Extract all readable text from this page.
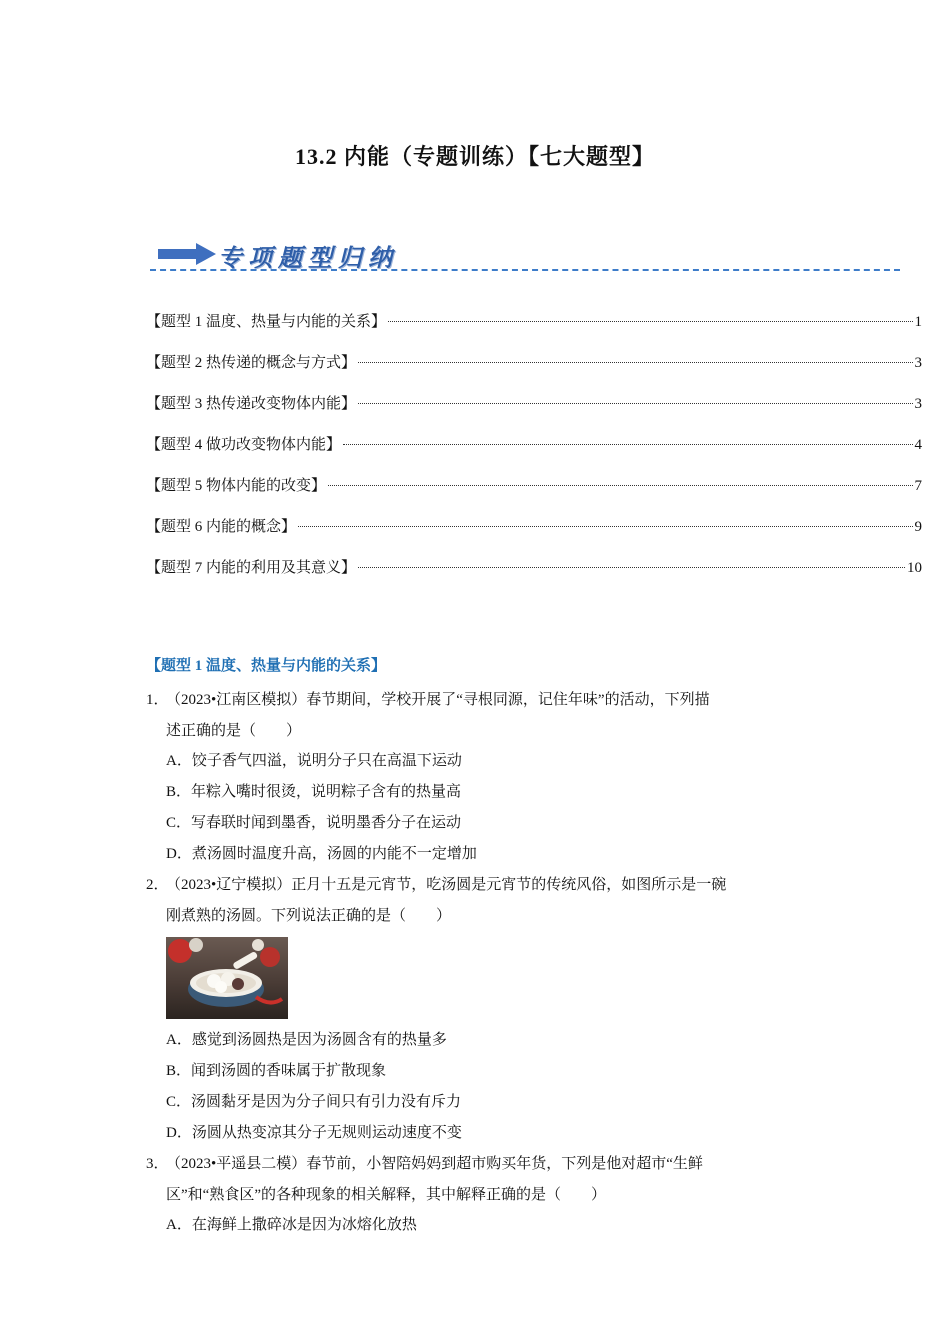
13.2 内能（专题训练）【七大题型】
专项题型归纳
【题型 1 温度、热量与内能的关系】	1
【题型 2 热传递的概念与方式】	3
【题型 3 热传递改变物体内能】	3
【题型 4 做功改变物体内能】	4
【题型 5 物体内能的改变】	7
【题型 6 内能的概念】	9
【题型 7 内能的利用及其意义】	10
【题型 1 温度、热量与内能的关系】
1．
（2023•江南区模拟）春节期间，学校开展了“寻根同源，记住年味”的活动，下列描
述正确的是（　　）
A．饺子香气四溢，说明分子只在高温下运动
B．年粽入嘴时很烫，说明粽子含有的热量高
C．写春联时闻到墨香，说明墨香分子在运动
D．煮汤圆时温度升高，汤圆的内能不一定增加
2．
（2023•辽宁模拟）正月十五是元宵节，吃汤圆是元宵节的传统风俗，如图所示是一碗
刚煮熟的汤圆。下列说法正确的是（　　）
A．感觉到汤圆热是因为汤圆含有的热量多
B．闻到汤圆的香味属于扩散现象
C．汤圆黏牙是因为分子间只有引力没有斥力
D．汤圆从热变凉其分子无规则运动速度不变
3．
（2023•平遥县二模）春节前，小智陪妈妈到超市购买年货，下列是他对超市“生鲜
区”和“熟食区”的各种现象的相关解释，其中解释正确的是（　　）
A．在海鲜上撒碎冰是因为冰熔化放热
